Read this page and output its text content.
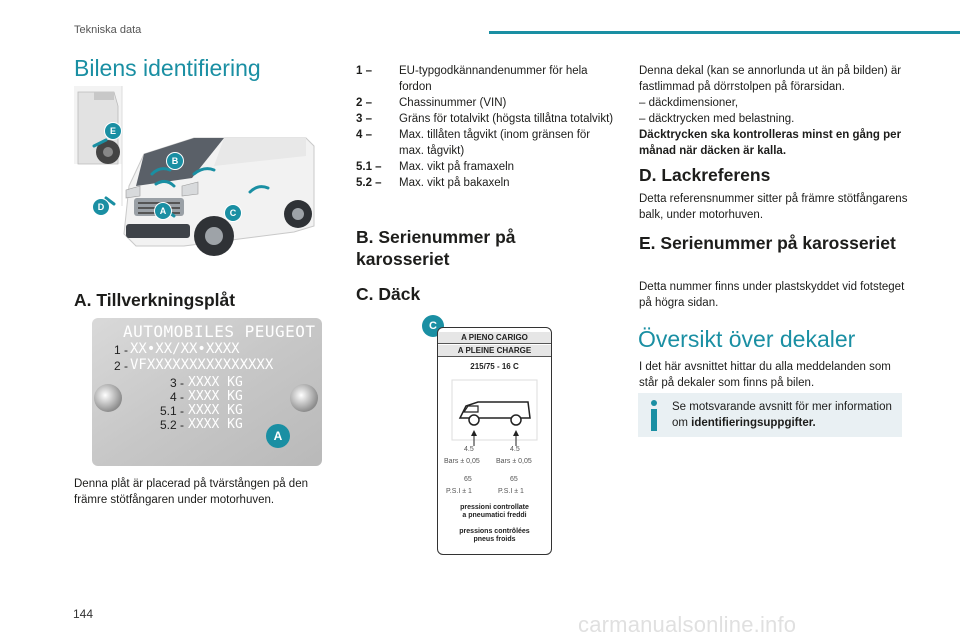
Tekniska data
Bilens identifiering
E
B
D	A	C
A. Tillverkningsplåt
AUTOMOBILES PEUGEOT
1 - XX•XX/XX•XXXX
2 - VFXXXXXXXXXXXXXXX
3 - XXXX KG
4 - XXXX KG
5.1 - XXXX KG
5.2 - XXXX KG
A
Denna plåt är placerad på tvärstången på den främre stötfångaren under motorhuven.
1 –	EU-typgodkännandenummer för hela fordon
2 –	Chassinummer (VIN)
3 –	Gräns för totalvikt (högsta tillåtna totalvikt)
4 –	Max. tillåten tågvikt (inom gränsen för max. tågvikt)
5.1 –	Max. vikt på framaxeln
5.2 –	Max. vikt på bakaxeln
B. Serienummer på karosseriet
C. Däck
C
A PIENO CARIGO
A PLEINE CHARGE
215/75 - 16 C
4.5	4.5
Bars ± 0,05 Bars ± 0,05
65	65
P.S.I ± 1	P.S.I ± 1
pressioni controllate
a pneumatici freddi
pressions contrôlées
pneus froids
Denna dekal (kan se annorlunda ut än på bilden) är fastlimmad på dörrstolpen på förarsidan.
– däckdimensioner,
– däcktrycken med belastning.
Däcktrycken ska kontrolleras minst en gång per månad när däcken är kalla.
D. Lackreferens
Detta referensnummer sitter på främre stötfångarens balk, under motorhuven.
E. Serienummer på karosseriet
Detta nummer finns under plastskyddet vid fotsteget på högra sidan.
Översikt över dekaler
I det här avsnittet hittar du alla meddelanden som står på dekaler som finns på bilen.
Se motsvarande avsnitt för mer information om identifieringsuppgifter.
144	carmanualsonline.info
